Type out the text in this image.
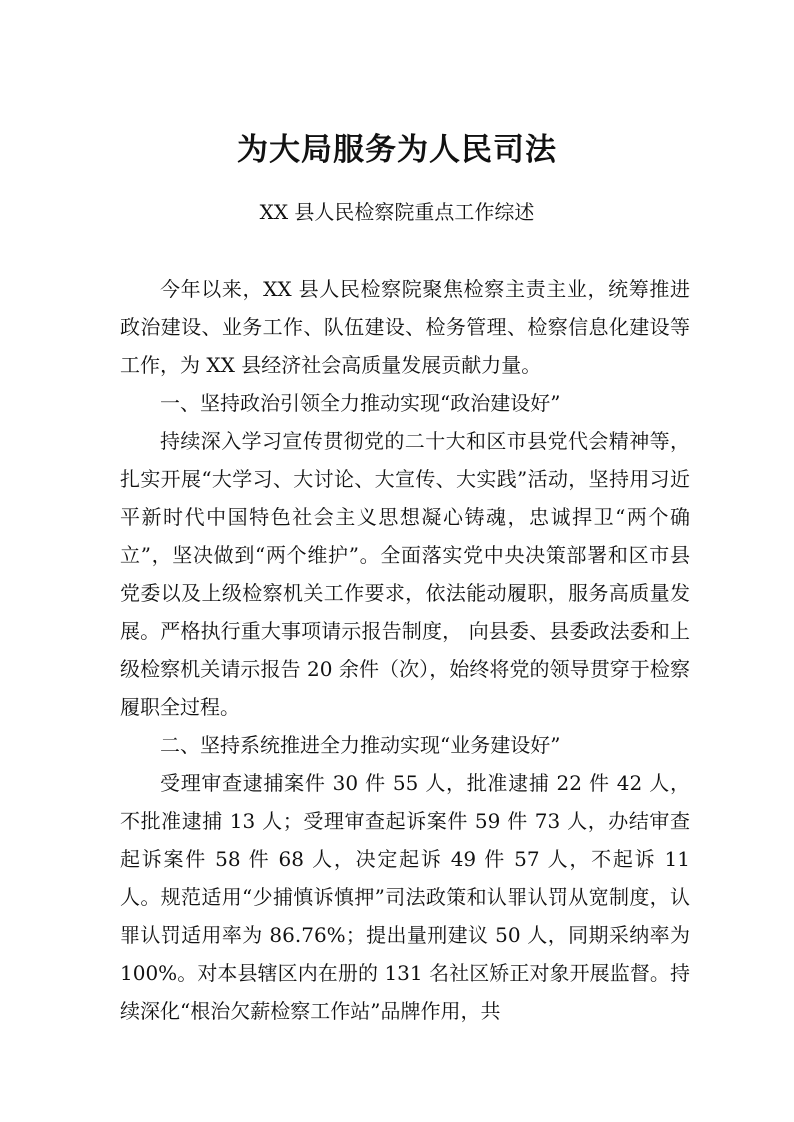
为大局服务为人民司法

XX 县人民检察院重点工作综述

今年以来，XX 县人民检察院聚焦检察主责主业，统筹推进政治建设、业务工作、队伍建设、检务管理、检察信息化建设等工作，为 XX 县经济社会高质量发展贡献力量。

一、坚持政治引领全力推动实现“政治建设好”

持续深入学习宣传贯彻党的二十大和区市县党代会精神等，扎实开展“大学习、大讨论、大宣传、大实践”活动，坚持用习近平新时代中国特色社会主义思想凝心铸魂，忠诚捍卫“两个确立”，坚决做到“两个维护”。全面落实党中央决策部署和区市县党委以及上级检察机关工作要求，依法能动履职，服务高质量发展。严格执行重大事项请示报告制度， 向县委、县委政法委和上级检察机关请示报告 20 余件（次），始终将党的领导贯穿于检察履职全过程。

二、坚持系统推进全力推动实现“业务建设好”

受理审查逮捕案件 30 件 55 人，批准逮捕 22 件 42 人，不批准逮捕 13 人；受理审查起诉案件 59 件 73 人，办结审查起诉案件 58 件 68 人，决定起诉 49 件 57 人，不起诉 11 人。规范适用“少捕慎诉慎押”司法政策和认罪认罚从宽制度，认罪认罚适用率为 86.76%；提出量刑建议 50 人，同期采纳率为 100%。对本县辖区内在册的 131 名社区矫正对象开展监督。持续深化“根治欠薪检察工作站”品牌作用，共
